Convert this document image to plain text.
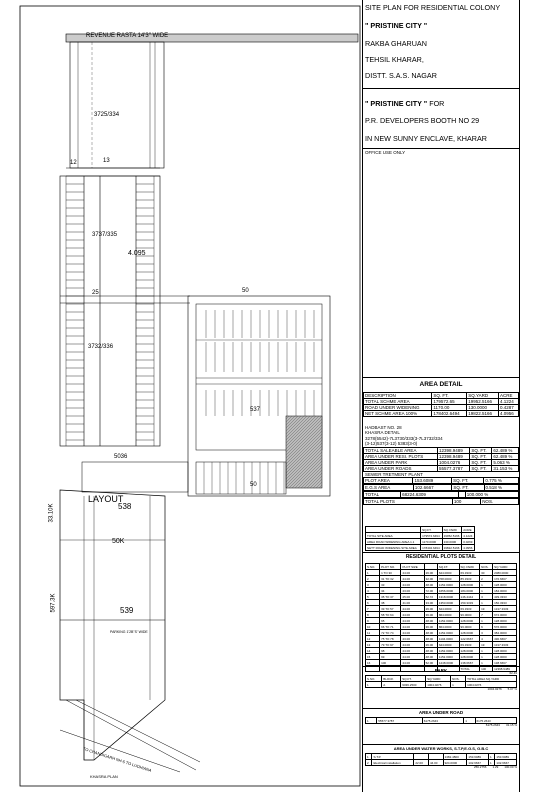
REVENUE RASTA 14'3" WIDE
12	13
3725/334
3737/335
3732/336
4.095
25	50
5036
537
50
LAYOUT
538
50K
539
PARKING 1'2B"S' WIDE
33.10K
597.3K
TO CHANDIGARH NH-5 TO LUDHIANA
KHASRA PLAN
SITE PLAN FOR RESIDENTIAL COLONY
" PRISTINE CITY "
RAKBA GHARUAN
TEHSIL KHARAR,
DISTT. S.A.S. NAGAR
" PRISTINE CITY " FOR
P.R. DEVELOPERS BOOTH NO 29
IN NEW SUNNY ENCLAVE, KHARAR
OFFICE USE ONLY
AREA DETAIL
DESCRIPTION	SQ. FT.	SQ.YARD	ACRE
TOTAL SCHME AREA	179572.65	19952.5166	4.1224
ROAD UNDER WIDENING	1170.00	130.0000	0.4287
NET SCHME AREA 100%	178402.6494	19822.5166	4.0956
HADBAST NO. 28
KHASRA DETAIL
3278(5542)-7L3730/333(3-7L3732/334
(3-12)537(3-12) 5383(3-0)
TOTAL SALEABLE AREA	12398.9489	SQ. FT.	62.489 %
AREA UNDER RESI. PLOTS	12398.9489	SQ. FT.	62.489 %
AREA UNDER PARK	1004.0276	SQ. FT.	5.063 %
AREA UNDER ROADS	55577.3787	SQ. FT.	31.153 %
SEWER TRETMENT PLANT
PLOT AREA	153.6089	SQ. FT.	0.775 %
E.G.S AREA	102.6667	SQ. FT.	0.518 %
TOTAL	68224.6309		100.000 %
TOTAL PLOTS	100	NOS.
	SQ.FT.	SQ.YARD	ACRE
TOTAL SITE AREA	179572.6494	19952.5166	4.1224
AREA ROAD WIDENING AREA 1.1	1170.0000	130.0000	0.0269
NETT ROAD WIDENING SITE AREA	178402.6494	19822.5166	4.0956
RESIDENTIAL PLOTS DETAIL
S.NO.	PLOT NO.	PLOT SIZE		SQ.FT.	SQ.YARD	NOS.	SQ.YARD
1	1 TO 30	24.00	26.00	624.0000	69.3333	30	2080.0000
2	31 TO 32	24.00	32.00	768.0000	85.3333	2	170.6667
3	33	24.00	48.00	1152.0000	128.0000	1	128.0000
4	34	23.00	72.00	1656.0000	184.0000	1	184.0000
5	35 TO 37	25.00	52.72	1318.0000	146.4444	3	439.3333
6	38	41.00	33.00	1353.0000	150.3333	1	150.3333
7	39 TO 57	24.00	26.00	624.0000	69.3333	19	1317.3333
8	58 TO 64	24.00	36.00	864.0000	96.0000	7	672.0000
9	65	24.00	48.00	1152.0000	128.0000	1	128.0000
10	66 TO 71	24.00	36.00	864.0000	96.0000	6	576.0000
11	72 TO 74	24.00	48.00	1152.0000	128.0000	3	384.0000
12	75 TO 78	23.00	48.00	1104.0000	122.6667	4	490.6667
13	79 TO 97	24.00	26.00	624.0000	69.3333	19	1317.3333
14	98	24.00	48.00	1152.0000	128.0000	1	128.0000
15	99	24.00	48.00	1152.0000	128.0000	1	128.0000
16	100	24.00	52.00	1248.0000	138.6667	1	138.6667
					TOTAL	100	12398.9489
62.49
PARK
S.NO.	BLOCK	SQ.FT.	SQ.YARD	NOS.	TOTAL AREA SQ.YARD
1	A	9036.2500	1004.0276	1	1004.0276
1004.0276 5.07 %
AREA UNDER ROAD
1	55577.3787	6175.2643	1	6175.2643
6175.2643 31.15 %
AREA UNDER WATER WORKS, S.T.P,E.G.S, G.B.C
1	S.T.P.			1382.4800	153.6089	1	153.6089
2	Electrical installation	22.00	44.00	924.0000	102.6667	1	102.6667
256.2756 1.29 100.00 %
